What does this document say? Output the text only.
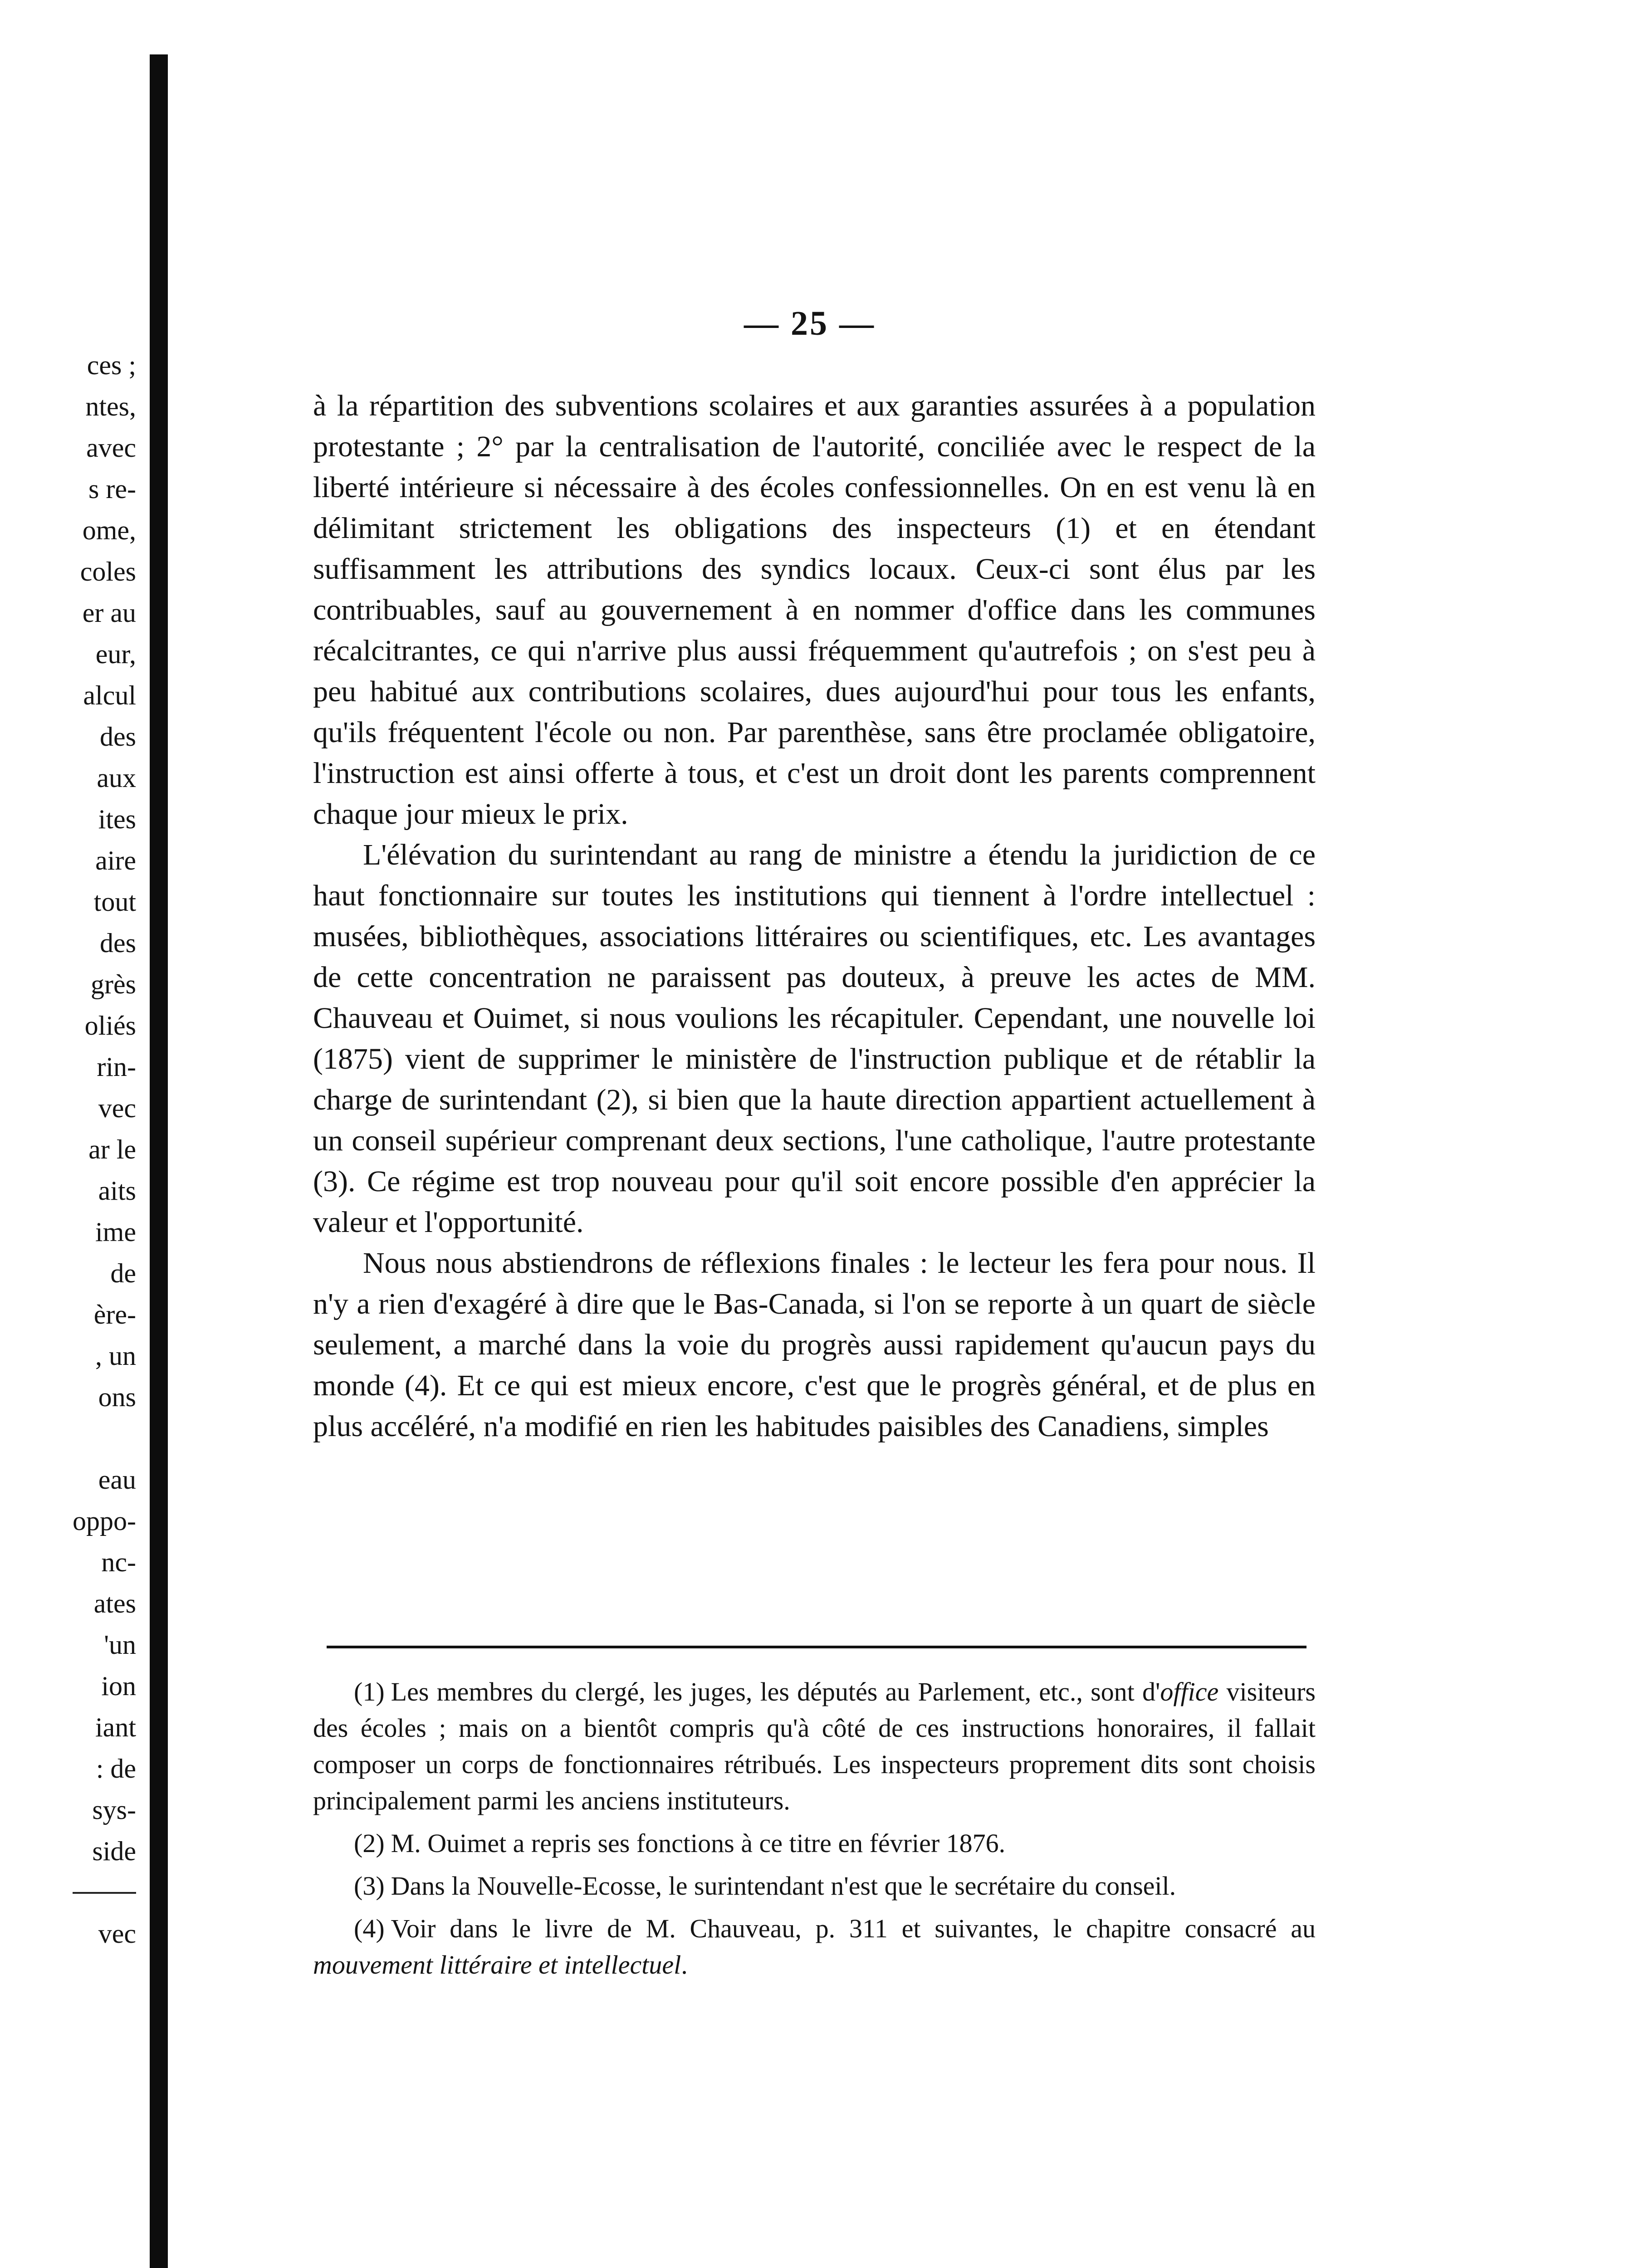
ces ;
ntes,
avec
s re-
ome,
coles
er au
eur,
alcul
des
aux
ites
aire
tout
des
grès
oliés
rin-
vec
ar le
aits
ime
de
ère-
, un
ons
eau
oppo-
nc-
ates
'un
ion
iant
: de
sys-
side
vec
— 25 —

à la répartition des subventions scolaires et aux garanties assurées à a population protestante ; 2° par la centralisation de l'autorité, conciliée avec le respect de la liberté intérieure si nécessaire à des écoles confessionnelles. On en est venu là en délimitant strictement les obligations des inspecteurs (1) et en étendant suffisamment les attributions des syndics locaux. Ceux-ci sont élus par les contribuables, sauf au gouvernement à en nommer d'office dans les communes récalcitrantes, ce qui n'arrive plus aussi fréquemment qu'autrefois ; on s'est peu à peu habitué aux contributions scolaires, dues aujourd'hui pour tous les enfants, qu'ils fréquentent l'école ou non. Par parenthèse, sans être proclamée obligatoire, l'instruction est ainsi offerte à tous, et c'est un droit dont les parents comprennent chaque jour mieux le prix.

L'élévation du surintendant au rang de ministre a étendu la juridiction de ce haut fonctionnaire sur toutes les institutions qui tiennent à l'ordre intellectuel : musées, bibliothèques, associations littéraires ou scientifiques, etc. Les avantages de cette concentration ne paraissent pas douteux, à preuve les actes de MM. Chauveau et Ouimet, si nous voulions les récapituler. Cependant, une nouvelle loi (1875) vient de supprimer le ministère de l'instruction publique et de rétablir la charge de surintendant (2), si bien que la haute direction appartient actuellement à un conseil supérieur comprenant deux sections, l'une catholique, l'autre protestante (3). Ce régime est trop nouveau pour qu'il soit encore possible d'en apprécier la valeur et l'opportunité.

Nous nous abstiendrons de réflexions finales : le lecteur les fera pour nous. Il n'y a rien d'exagéré à dire que le Bas-Canada, si l'on se reporte à un quart de siècle seulement, a marché dans la voie du progrès aussi rapidement qu'aucun pays du monde (4). Et ce qui est mieux encore, c'est que le progrès général, et de plus en plus accéléré, n'a modifié en rien les habitudes paisibles des Canadiens, simples

(1) Les membres du clergé, les juges, les députés au Parlement, etc., sont d'office visiteurs des écoles ; mais on a bientôt compris qu'à côté de ces instructions honoraires, il fallait composer un corps de fonctionnaires rétribués. Les inspecteurs proprement dits sont choisis principalement parmi les anciens instituteurs.

(2) M. Ouimet a repris ses fonctions à ce titre en février 1876.

(3) Dans la Nouvelle-Ecosse, le surintendant n'est que le secrétaire du conseil.

(4) Voir dans le livre de M. Chauveau, p. 311 et suivantes, le chapitre consacré au mouvement littéraire et intellectuel.
